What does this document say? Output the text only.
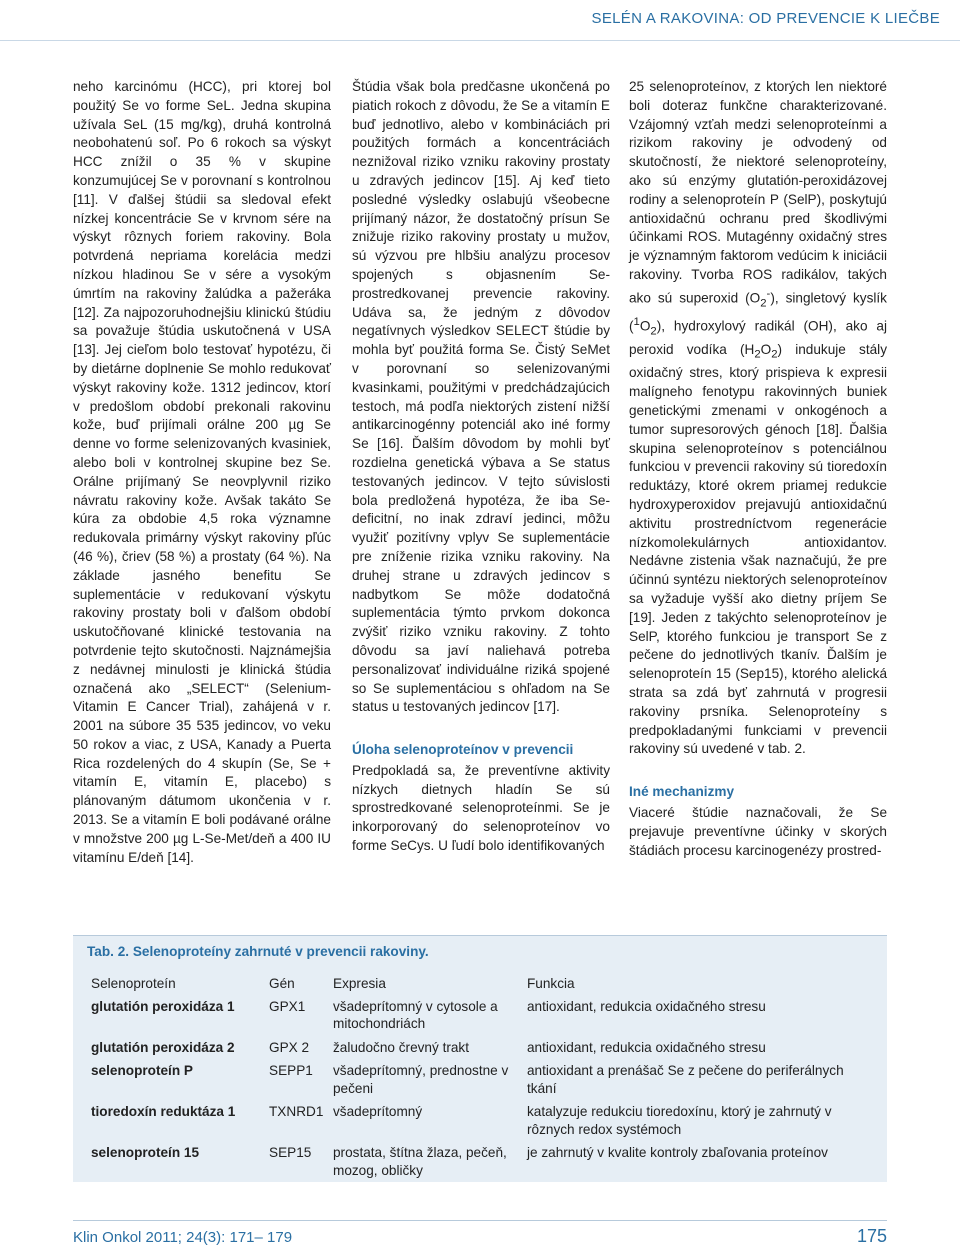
SELÉN A RAKOVINA: OD PREVENCIE K LIEČBE

neho karcinómu (HCC), pri ktorej bol použitý Se vo forme SeL. Jedna skupina užívala SeL (15 mg/kg), druhá kontrolná neobohatenú soľ. Po 6 rokoch sa výskyt HCC znížil o 35 % v skupine konzumujúcej Se v porovnaní s kontrolnou [11]. V ďalšej štúdii sa sledoval efekt nízkej koncentrácie Se v krvnom sére na výskyt rôznych foriem rakoviny. Bola potvrdená nepriama korelácia medzi nízkou hladinou Se v sére a vysokým úmrtím na rakoviny žalúdka a pažeráka [12]. Za najpozoruhodnejšiu klinickú štúdiu sa považuje štúdia uskutočnená v USA [13]. Jej cieľom bolo testovať hypotézu, či by dietárne doplnenie Se mohlo redukovať výskyt rakoviny kože. 1312 jedincov, ktorí v predošlom období prekonali rakovinu kože, buď prijímali orálne 200 µg Se denne vo forme selenizovaných kvasiniek, alebo boli v kontrolnej skupine bez Se. Orálne prijímaný Se neovplyvnil riziko návratu rakoviny kože. Avšak takáto Se kúra za obdobie 4,5 roka významne redukovala primárny výskyt rakoviny pľúc (46 %), čriev (58 %) a prostaty (64 %). Na základe jasného benefitu Se suplementácie v redukovaní výskytu rakoviny prostaty boli v ďalšom období uskutočňované klinické testovania na potvrdenie tejto skutočnosti. Najznámejšia z nedávnej minulosti je klinická štúdia označená ako „SELECT“ (Selenium-Vitamin E Cancer Trial), zahájená v r. 2001 na súbore 35 535 jedincov, vo veku 50 rokov a viac, z USA, Kanady a Puerta Rica rozdelených do 4 skupín (Se, Se + vitamín E, vitamín E, placebo) s plánovaným dátumom ukončenia v r. 2013. Se a vitamín E boli podávané orálne v množstve 200 µg L-Se-Met/deň a 400 IU vitamínu E/deň [14].

Štúdia však bola predčasne ukončená po piatich rokoch z dôvodu, že Se a vitamín E buď jednotlivo, alebo v kombináciách pri použitých formách a koncentráciách neznižoval riziko vzniku rakoviny prostaty u zdravých jedincov [15]. Aj keď tieto posledné výsledky oslabujú všeobecne prijímaný názor, že dostatočný prísun Se znižuje riziko rakoviny prostaty u mužov, sú výzvou pre hlbšiu analýzu procesov spojených s objasnením Se-prostredkovanej prevencie rakoviny. Udáva sa, že jedným z dôvodov negatívnych výsledkov SELECT štúdie by mohla byť použitá forma Se. Čistý SeMet v porovnaní so selenizovanými kvasinkami, použitými v predchádzajúcich testoch, má podľa niektorých zistení nižší antikarcinogénny potenciál ako iné formy Se [16]. Ďalším dôvodom by mohli byť rozdielna genetická výbava a Se status testovaných jedincov. V tejto súvislosti bola predložená hypotéza, že iba Se-deficitní, no inak zdraví jedinci, môžu využiť pozitívny vplyv Se suplementácie pre zníženie rizika vzniku rakoviny. Na druhej strane u zdravých jedincov s nadbytkom Se môže dodatočná suplementácia týmto prvkom dokonca zvýšiť riziko vzniku rakoviny. Z tohto dôvodu sa javí naliehavá potreba personalizovať individuálne riziká spojené so Se suplementáciou s ohľadom na Se status u testovaných jedincov [17].

Úloha selenoproteínov v prevencii

Predpokladá sa, že preventívne aktivity nízkych dietnych hladín Se sú sprostredkované selenoproteínmi. Se je inkorporovaný do selenoproteínov vo forme SeCys. U ľudí bolo identifikovaných

25 selenoproteínov, z ktorých len niektoré boli doteraz funkčne charakterizované. Vzájomný vzťah medzi selenoproteínmi a rizikom rakoviny je odvodený od skutočností, že niektoré selenoproteíny, ako sú enzýmy glutatión-peroxidázovej rodiny a selenoproteín P (SelP), poskytujú antioxidačnú ochranu pred škodlivými účinkami ROS. Mutagénny oxidačný stres je významným faktorom vedúcim k iniciácii rakoviny. Tvorba ROS radikálov, takých ako sú superoxid $(O_2^-)$, singletový kyslík $(^1O_2)$, hydroxylový radikál (OH), ako aj peroxid vodíka $(H_2O_2)$ indukuje stály oxidačný stres, ktorý prispieva k expresii malígneho fenotypu rakovinných buniek genetickými zmenami v onkogénoch a tumor supresorových génoch [18]. Ďalšia skupina selenoproteínov s potenciálnou funkciou v prevencii rakoviny sú tioredoxín reduktázy, ktoré okrem priamej redukcie hydroxyperoxidov prejavujú antioxidačnú aktivitu prostredníctvom regenerácie nízkomolekulárnych antioxidantov. Nedávne zistenia však naznačujú, že pre účinnú syntézu niektorých selenoproteínov sa vyžaduje vyšší ako dietny príjem Se [19]. Jeden z takýchto selenoproteínov je SelP, ktorého funkciou je transport Se z pečene do jednotlivých tkanív. Ďalším je selenoproteín 15 (Sep15), ktorého alelická strata sa zdá byť zahrnutá v progresii rakoviny prsníka. Selenoproteíny s predpokladanými funkciami v prevencii rakoviny sú uvedené v tab. 2.

Iné mechanizmy

Viaceré štúdie naznačovali, že Se prejavuje preventívne účinky v skorých štádiách procesu karcinogenézy prostred-

Tab. 2. Selenoproteíny zahrnuté v prevencii rakoviny.
Selenoproteín	Gén	Expresia	Funkcia
glutatión peroxidáza 1	GPX1	všadeprítomný v cytosole a mitochondriách	antioxidant, redukcia oxidačného stresu
glutatión peroxidáza 2	GPX 2	žaludočno črevný trakt	antioxidant, redukcia oxidačného stresu
selenoproteín P	SEPP1	všadeprítomný, prednostne v pečeni	antioxidant a prenášač Se z pečene do periferálnych tkání
tioredoxín reduktáza 1	TXNRD1	všadeprítomný	katalyzuje redukciu tioredoxínu, ktorý je zahrnutý v rôznych redox systémoch
selenoproteín 15	SEP15	prostata, štítna žlaza, pečeň, mozog, obličky	je zahrnutý v kvalite kontroly zbaľovania proteínov
Klin Onkol 2011; 24(3): 171– 179	175
